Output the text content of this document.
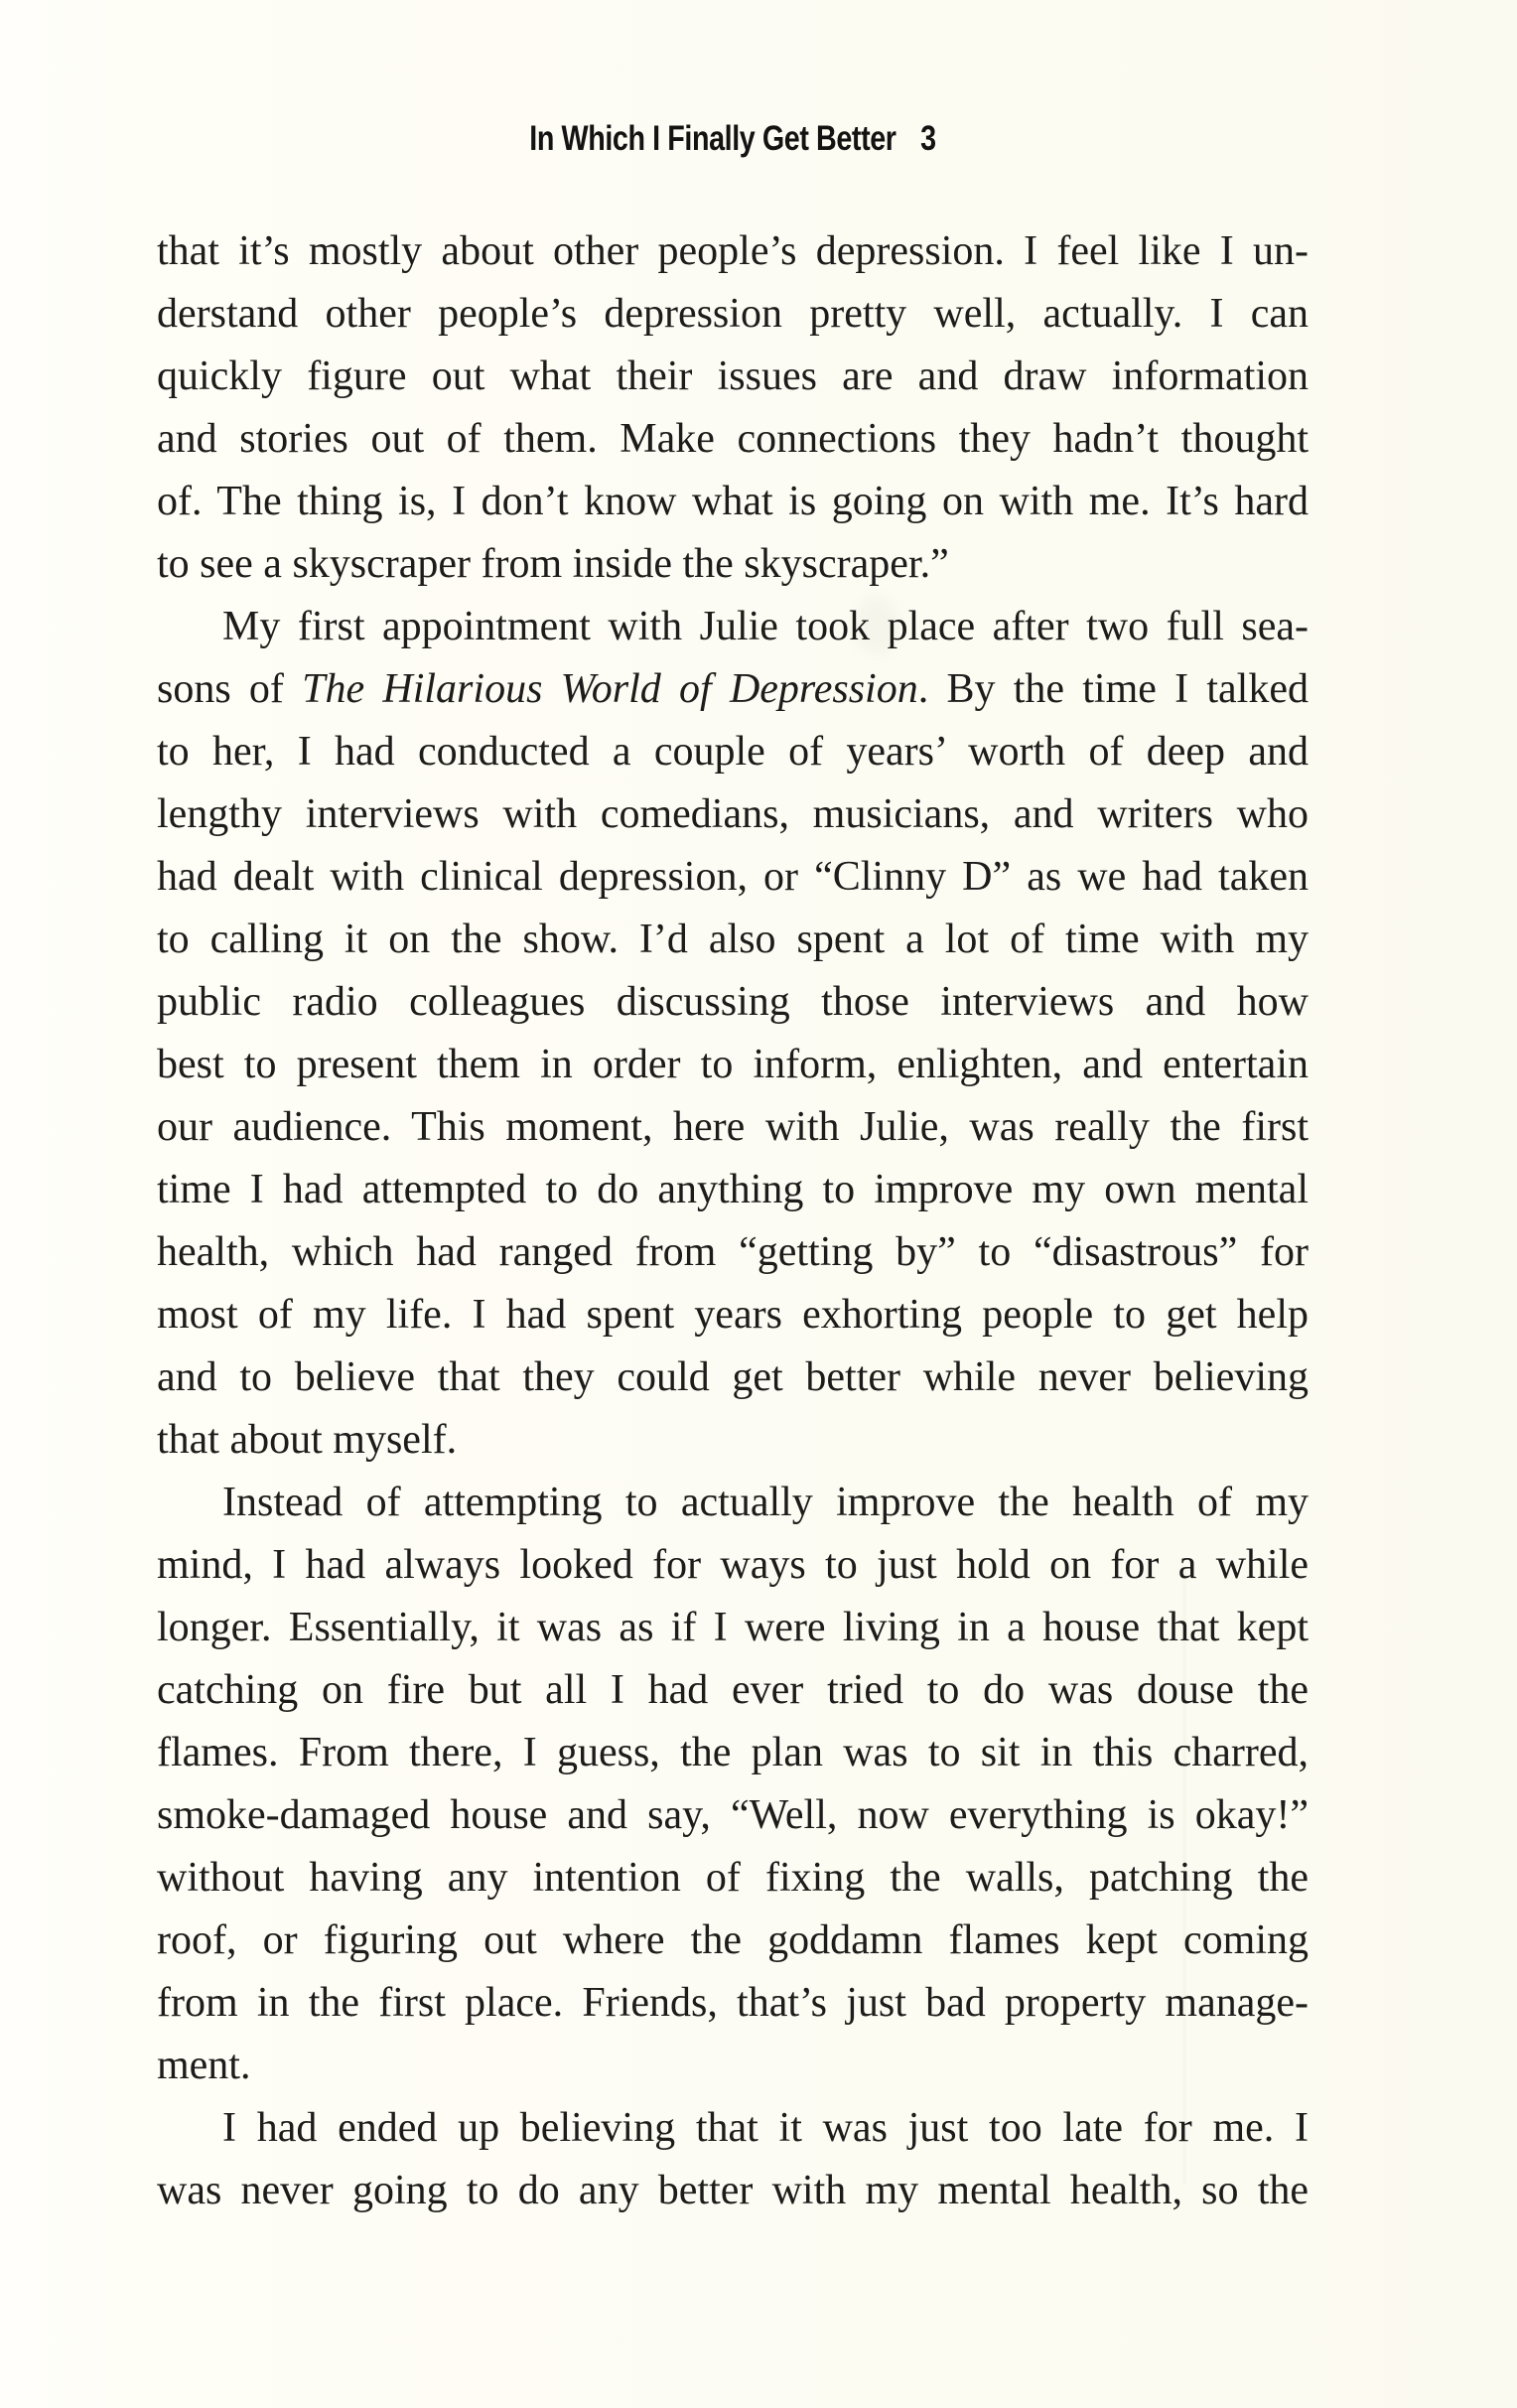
In Which I Finally Get Better 3
that it’s mostly about other people’s depression. I feel like I un-
derstand other people’s depression pretty well, actually. I can
quickly figure out what their issues are and draw information
and stories out of them. Make connections they hadn’t thought
of. The thing is, I don’t know what is going on with me. It’s hard
to see a skyscraper from inside the skyscraper.”
My first appointment with Julie took place after two full sea-
sons of The Hilarious World of Depression. By the time I talked
to her, I had conducted a couple of years’ worth of deep and
lengthy interviews with comedians, musicians, and writers who
had dealt with clinical depression, or “Clinny D” as we had taken
to calling it on the show. I’d also spent a lot of time with my
public radio colleagues discussing those interviews and how
best to present them in order to inform, enlighten, and entertain
our audience. This moment, here with Julie, was really the first
time I had attempted to do anything to improve my own mental
health, which had ranged from “getting by” to “disastrous” for
most of my life. I had spent years exhorting people to get help
and to believe that they could get better while never believing
that about myself.
Instead of attempting to actually improve the health of my
mind, I had always looked for ways to just hold on for a while
longer. Essentially, it was as if I were living in a house that kept
catching on fire but all I had ever tried to do was douse the
flames. From there, I guess, the plan was to sit in this charred,
smoke-damaged house and say, “Well, now everything is okay!”
without having any intention of fixing the walls, patching the
roof, or figuring out where the goddamn flames kept coming
from in the first place. Friends, that’s just bad property manage-
ment.
I had ended up believing that it was just too late for me. I
was never going to do any better with my mental health, so the
